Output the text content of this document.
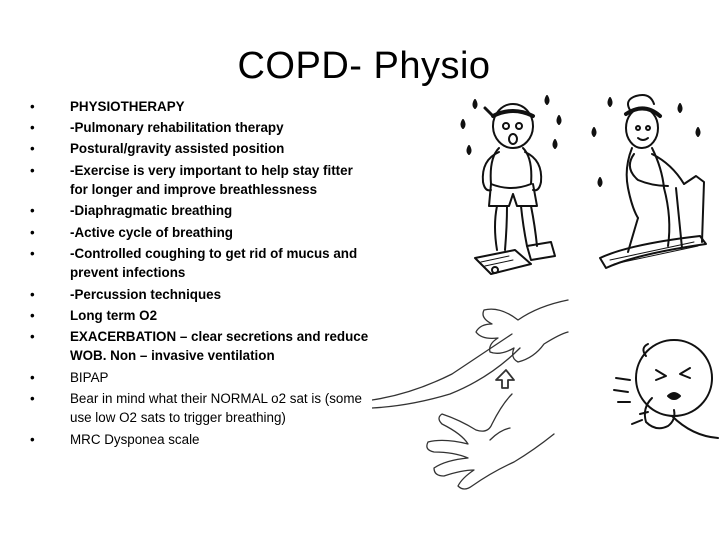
COPD- Physio
• PHYSIOTHERAPY
• -Pulmonary rehabilitation therapy
• Postural/gravity assisted position
• -Exercise is very important to help stay fitter for longer and improve breathlessness
• -Diaphragmatic breathing
• -Active cycle of breathing
• -Controlled coughing to get rid of mucus and prevent infections
• -Percussion techniques
• Long term O2
• EXACERBATION – clear secretions and reduce WOB. Non – invasive ventilation
• BIPAP
• Bear in mind what their NORMAL o2 sat is (some use low O2 sats to trigger breathing)
• MRC Dysponea scale
